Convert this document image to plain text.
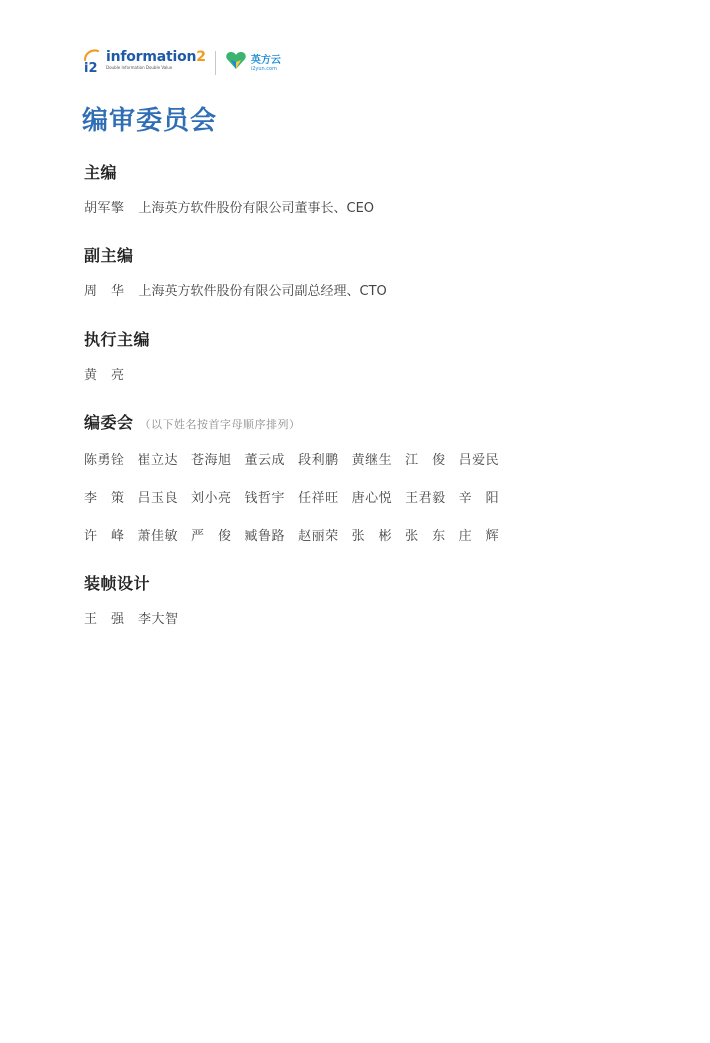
i2
information2
Double Information Double Value
英方云
i2yun.com
编审委员会
主编
胡军擎 上海英方软件股份有限公司董事长、CEO
副主编
周　华 上海英方软件股份有限公司副总经理、CTO
执行主编
黄　亮
编委会 （以下姓名按首字母顺序排列）
陈勇铨 崔立达 苍海旭 董云成 段利鹏 黄继生 江　俊 吕爱民
李　策 吕玉良 刘小亮 钱哲宇 任祥旺 唐心悦 王君毅 辛　阳
许　峰 萧佳敏 严　俊 臧鲁路 赵丽荣 张　彬 张　东 庄　辉
装帧设计
王　强　李大智
